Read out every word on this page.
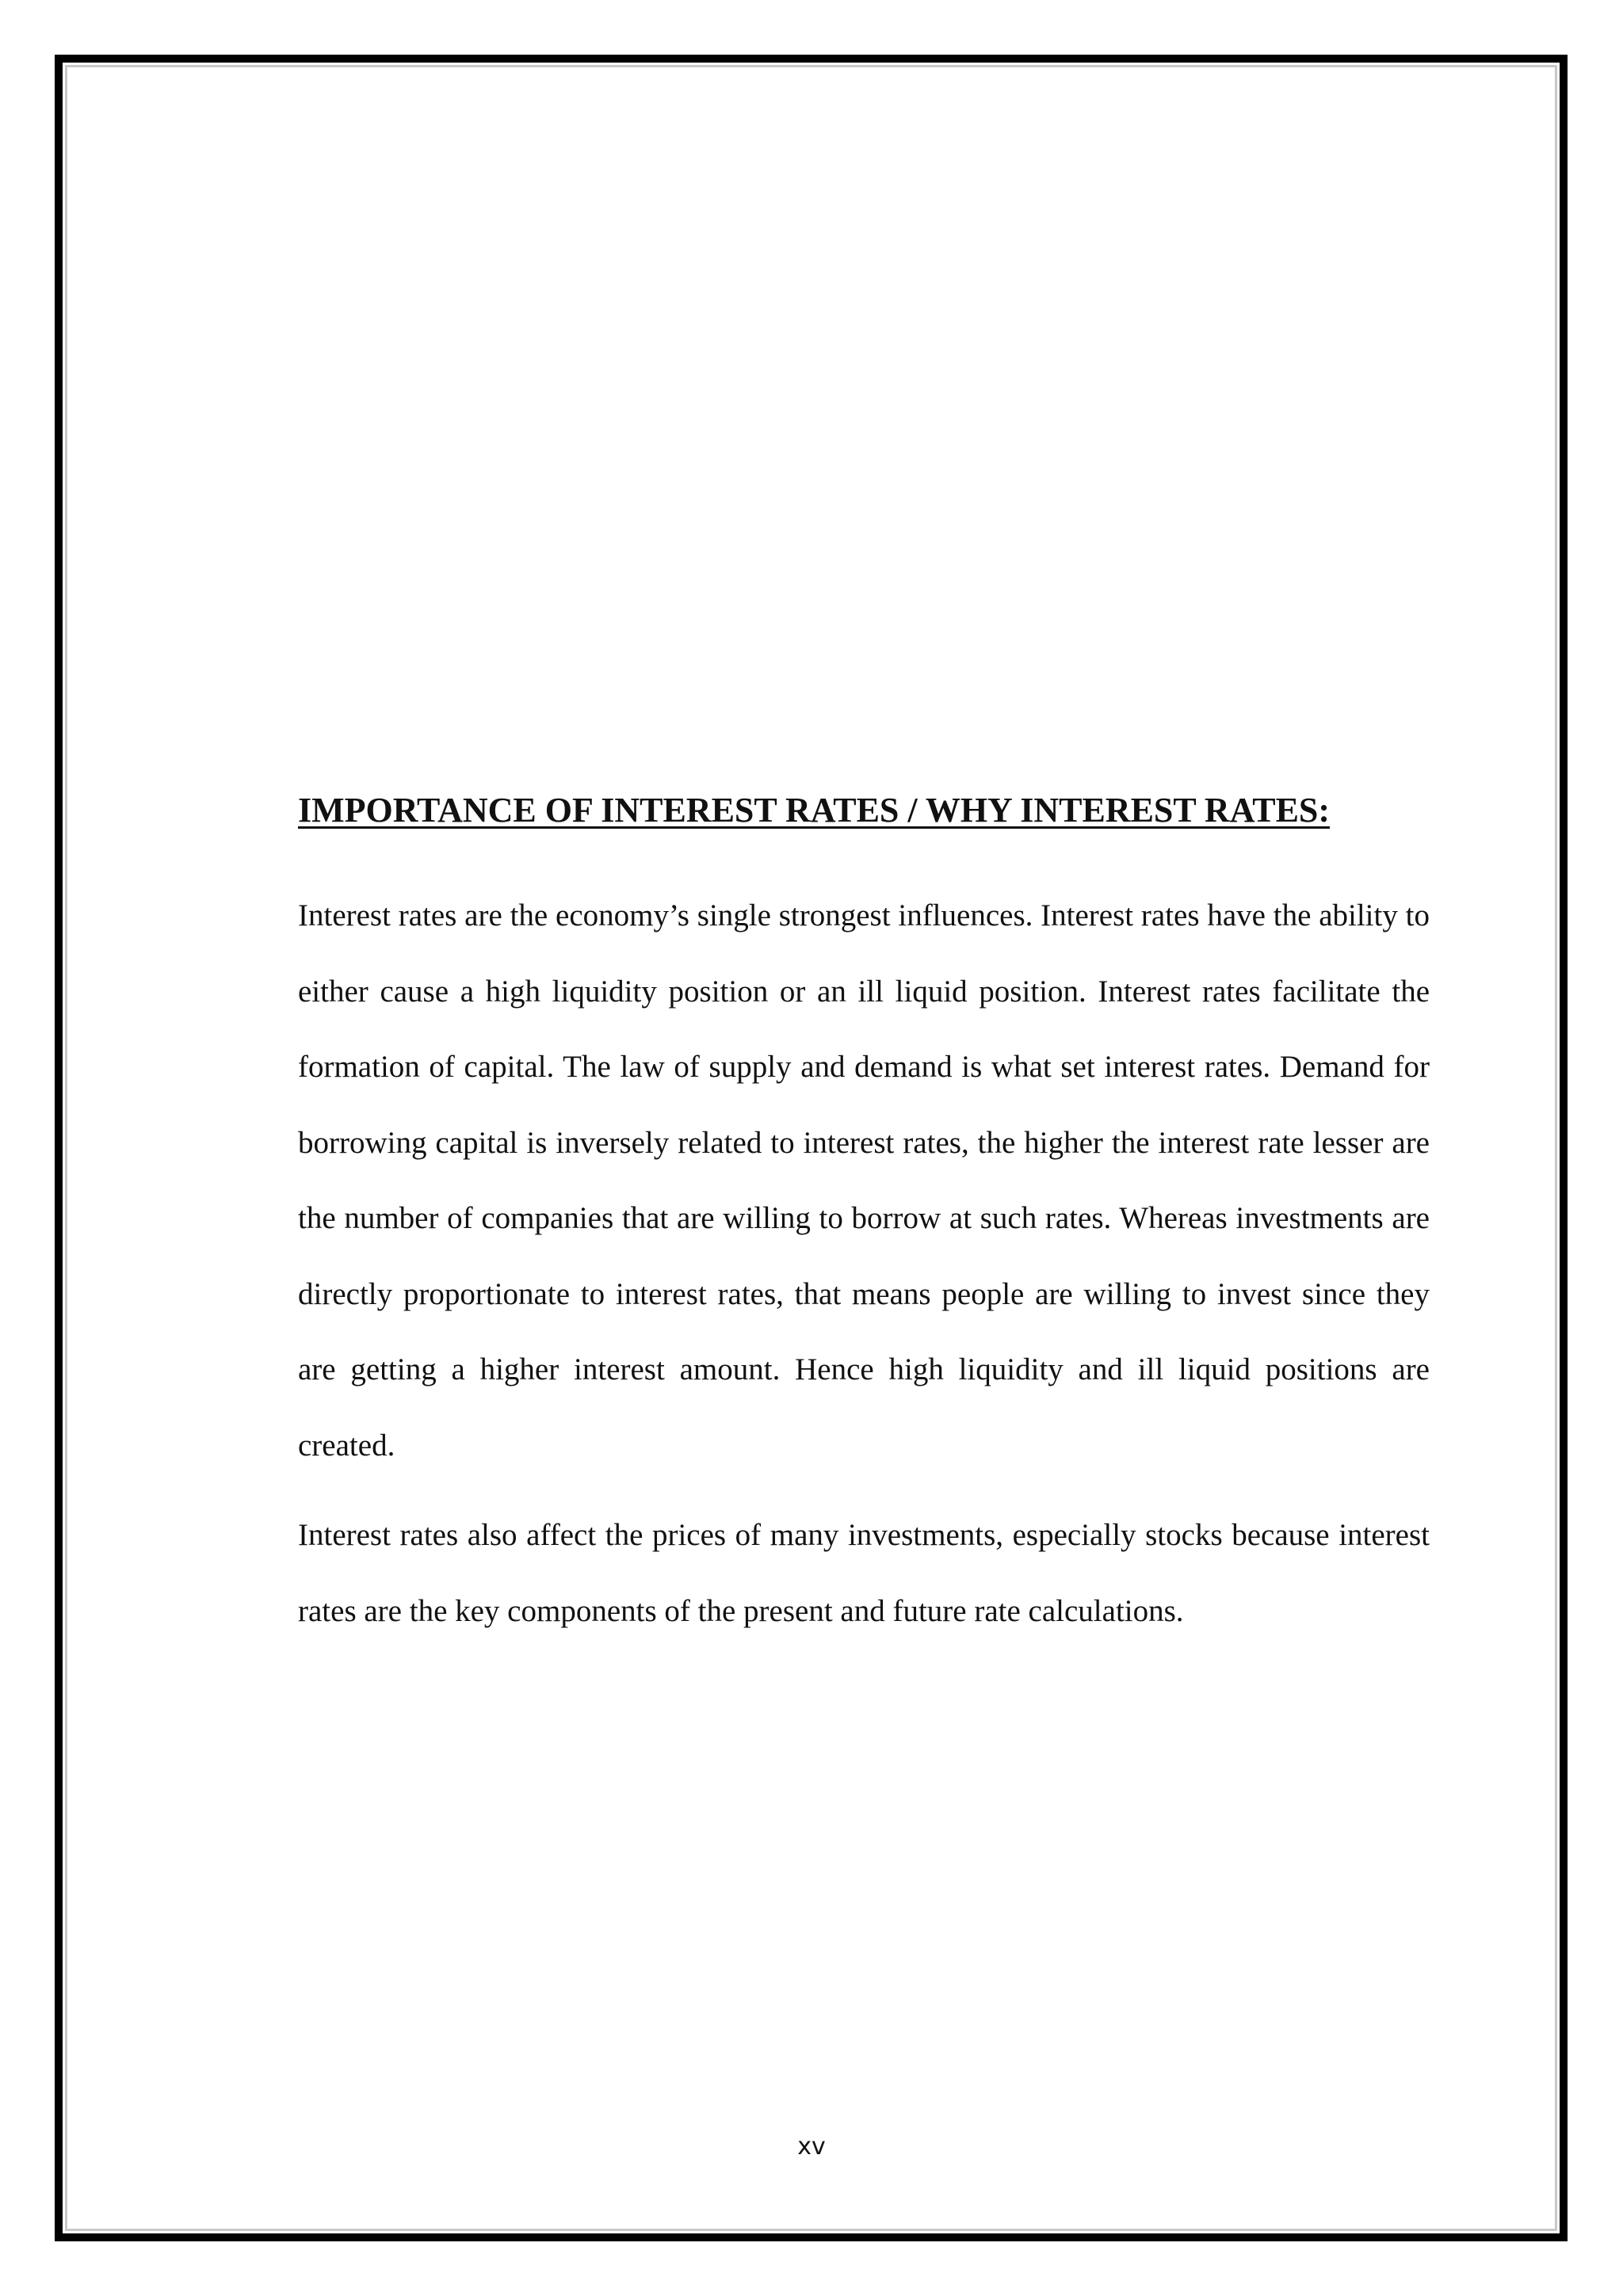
IMPORTANCE OF INTEREST RATES / WHY INTEREST RATES:

Interest rates are the economy’s single strongest influences. Interest rates have the ability to either cause a high liquidity position or an ill liquid position. Interest rates facilitate the formation of capital. The law of supply and demand is what set interest rates. Demand for borrowing capital is inversely related to interest rates, the higher the interest rate lesser are the number of companies that are willing to borrow at such rates. Whereas investments are directly proportionate to interest rates, that means people are willing to invest since they are getting a higher interest amount. Hence high liquidity and ill liquid positions are created.

Interest rates also affect the prices of many investments, especially stocks because interest rates are the key components of the present and future rate calculations.

xv
